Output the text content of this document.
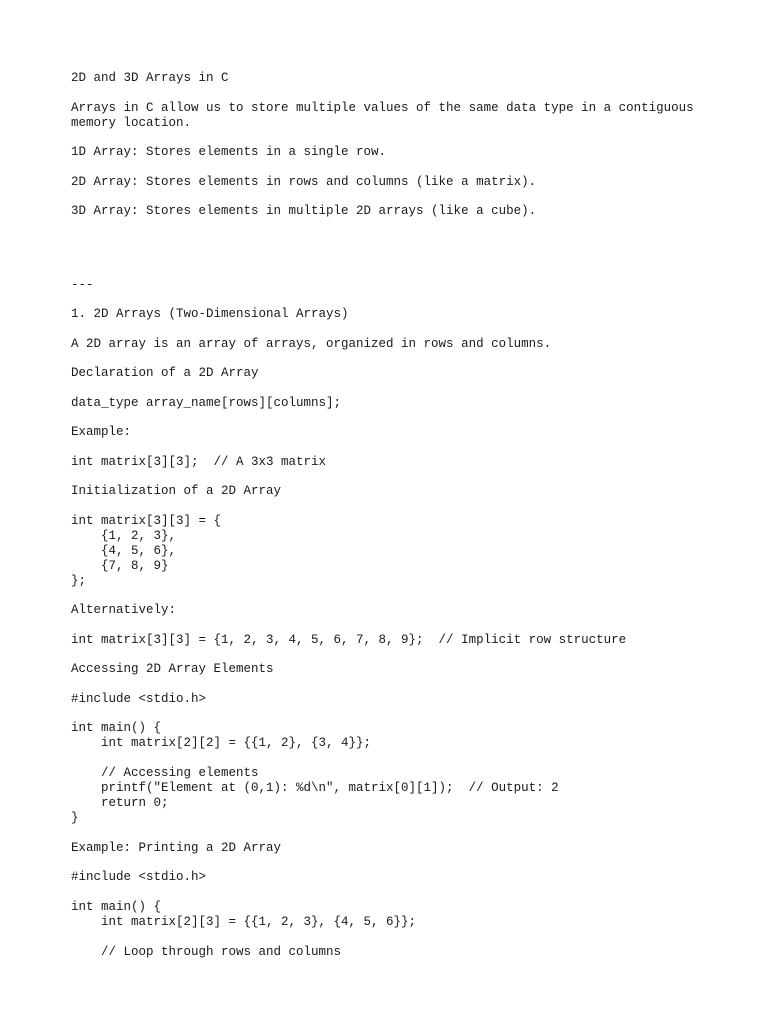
2D and 3D Arrays in C
Arrays in C allow us to store multiple values of the same data type in a contiguous
memory location.
1D Array: Stores elements in a single row.
2D Array: Stores elements in rows and columns (like a matrix).
3D Array: Stores elements in multiple 2D arrays (like a cube).
---
1. 2D Arrays (Two-Dimensional Arrays)
A 2D array is an array of arrays, organized in rows and columns.
Declaration of a 2D Array
data_type array_name[rows][columns];
Example:
int matrix[3][3];  // A 3x3 matrix
Initialization of a 2D Array
int matrix[3][3] = {
{1, 2, 3},
{4, 5, 6},
{7, 8, 9}
};
Alternatively:
int matrix[3][3] = {1, 2, 3, 4, 5, 6, 7, 8, 9};  // Implicit row structure
Accessing 2D Array Elements
#include <stdio.h>
int main() {
int matrix[2][2] = {{1, 2}, {3, 4}};

// Accessing elements
printf("Element at (0,1): %d\n", matrix[0][1]);  // Output: 2
return 0;
}
Example: Printing a 2D Array
#include <stdio.h>
int main() {
int matrix[2][3] = {{1, 2, 3}, {4, 5, 6}};

// Loop through rows and columns
